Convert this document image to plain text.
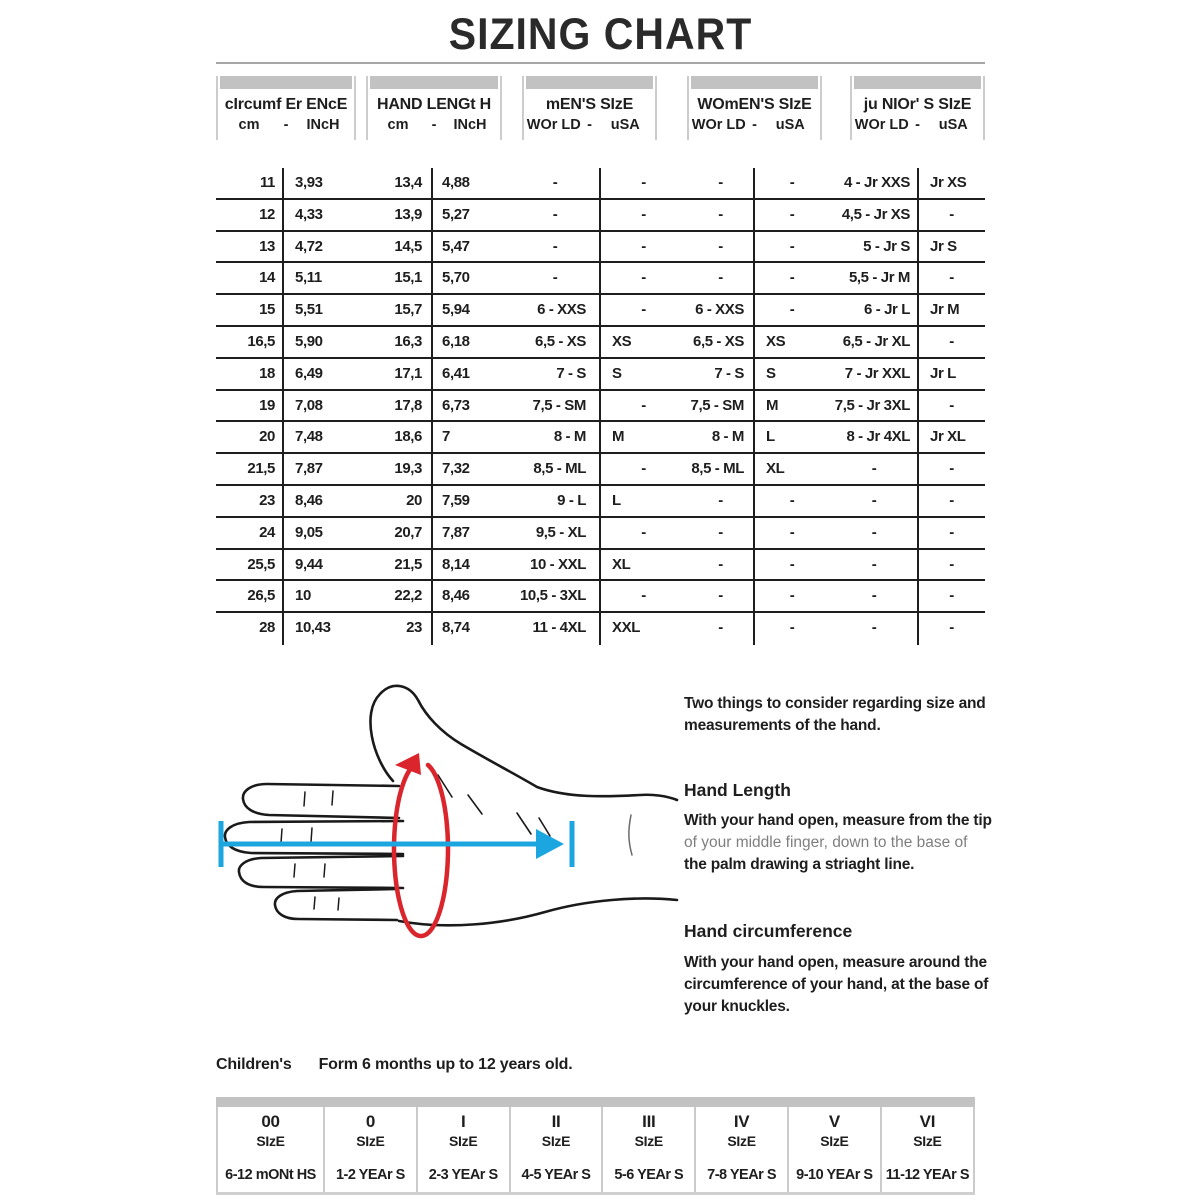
SIZING CHART
cIrcumf Er ENcE
cm	-	INcH
HAND LENGt H
cm	-	INcH
mEN'S SIzE
WOr LD -	uSA
WOmEN'S SIzE
WOr LD -	uSA
ju NIOr' S SIzE
WOr LD -	uSA
11	3,93	13,4	4,88	-	-	-	-	4 - Jr XXS	Jr XS
12	4,33	13,9	5,27	-	-	-	-	4,5 - Jr XS	-
13	4,72	14,5	5,47	-	-	-	-	5 - Jr S	Jr S
14	5,11	15,1	5,70	-	-	-	-	5,5 - Jr M	-
15	5,51	15,7	5,94	6 - XXS	-	6 - XXS	-	6 - Jr L	Jr M
16,5	5,90	16,3	6,18	6,5 - XS	XS	6,5 - XS	XS	6,5 - Jr XL	-
18	6,49	17,1	6,41	7 - S	S	7 - S	S	7 - Jr XXL	Jr L
19	7,08	17,8	6,73	7,5 - SM	-	7,5 - SM	M	7,5 - Jr 3XL	-
20	7,48	18,6	7	8 - M	M	8 - M	L	8 - Jr 4XL	Jr XL
21,5	7,87	19,3	7,32	8,5 - ML	-	8,5 - ML	XL	-	-
23	8,46	20	7,59	9 - L	L	-	-	-	-
24	9,05	20,7	7,87	9,5 - XL	-	-	-	-	-
25,5	9,44	21,5	8,14	10 - XXL	XL	-	-	-	-
26,5	10	22,2	8,46	10,5 - 3XL	-	-	-	-	-
28	10,43	23	8,74	11 - 4XL	XXL	-	-	-	-
Two things to consider regarding size and
measurements of the hand.
Hand Length
With your hand open, measure from the tip
of your middle finger, down to the base of
the palm drawing a striaght line.
Hand circumference
With your hand open, measure around the
circumference of your hand, at the base of
your knuckles.
Children's Form 6 months up to 12 years old.
00
SIzE
6-12 mONt HS
0
SIzE
1-2 YEAr S
I
SIzE
2-3 YEAr S
II
SIzE
4-5 YEAr S
III
SIzE
5-6 YEAr S
IV
SIzE
7-8 YEAr S
V
SIzE
9-10 YEAr S
VI
SIzE
11-12 YEAr S
